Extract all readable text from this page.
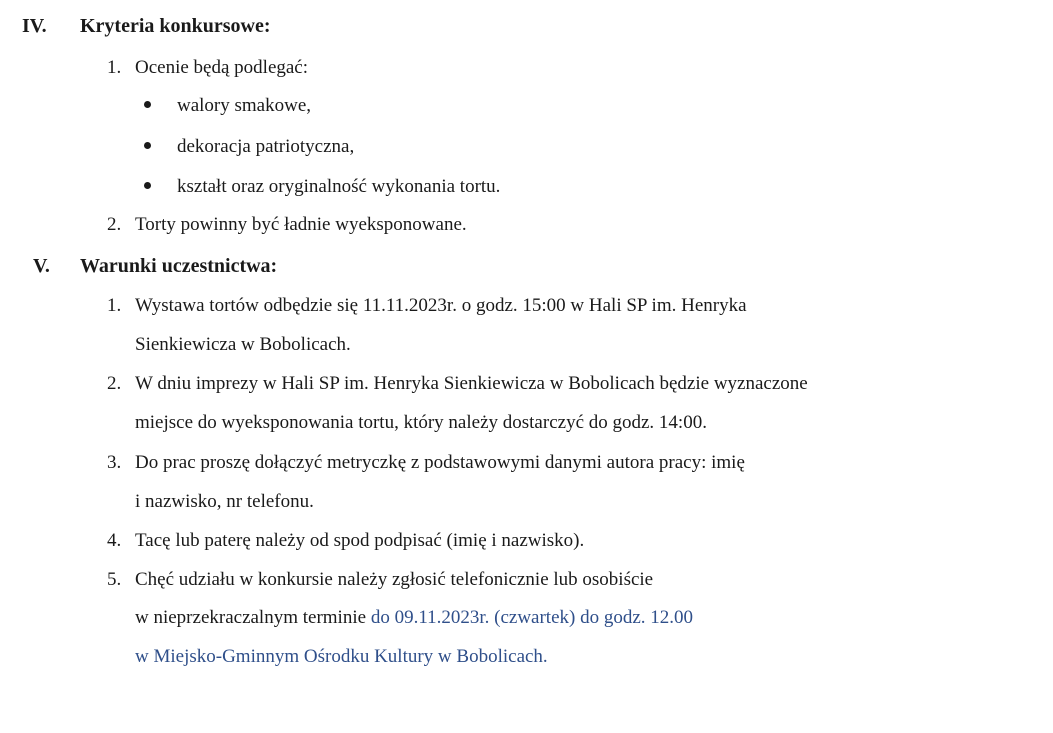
IV. Kryteria konkursowe:
1. Ocenie będą podlegać:
walory smakowe,
dekoracja patriotyczna,
kształt oraz oryginalność wykonania tortu.
2. Torty powinny być ładnie wyeksponowane.
V. Warunki uczestnictwa:
1. Wystawa tortów odbędzie się 11.11.2023r. o godz. 15:00 w Hali SP im. Henryka
Sienkiewicza w Bobolicach.
2. W dniu imprezy w Hali SP im. Henryka Sienkiewicza w Bobolicach będzie wyznaczone
miejsce do wyeksponowania tortu, który należy dostarczyć do godz. 14:00.
3. Do prac proszę dołączyć metryczkę z podstawowymi danymi autora pracy: imię
i nazwisko, nr telefonu.
4. Tacę lub paterę należy od spod podpisać (imię i nazwisko).
5. Chęć udziału w konkursie należy zgłosić telefonicznie lub osobiście
w nieprzekraczalnym terminie do 09.11.2023r. (czwartek) do godz. 12.00
w Miejsko-Gminnym Ośrodku Kultury w Bobolicach.
